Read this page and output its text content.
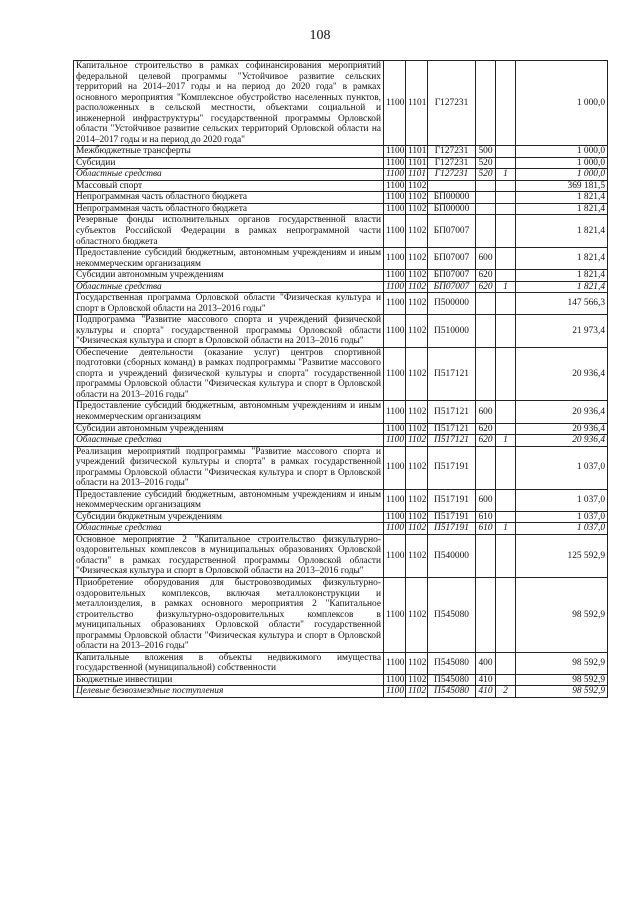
108
Капитальное строительство в рамках софинансирования мероприятий федеральной целевой программы "Устойчивое развитие сельских территорий на 2014–2017 годы и на период до 2020 года" в рамках основного мероприятия "Комплексное обустройство населенных пунктов, расположенных в сельской местности, объектами социальной и инженерной инфраструктуры" государственной программы Орловской области "Устойчивое развитие сельских территорий Орловской области на 2014–2017 годы и на период до 2020 года"	1100	1101	Г127231			1 000,0
Межбюджетные трансферты	1100	1101	Г127231	500		1 000,0
Субсидии	1100	1101	Г127231	520		1 000,0
Областные средства	1100	1101	Г127231	520	1	1 000,0
Массовый спорт	1100	1102				369 181,5
Непрограммная часть областного бюджета	1100	1102	БП00000			1 821,4
Непрограммная часть областного бюджета	1100	1102	БП00000			1 821,4
Резервные фонды исполнительных органов государственной власти субъектов Российской Федерации в рамках непрограммной части областного бюджета	1100	1102	БП07007			1 821,4
Предоставление субсидий бюджетным, автономным учреждениям и иным некоммерческим организациям	1100	1102	БП07007	600		1 821,4
Субсидии автономным учреждениям	1100	1102	БП07007	620		1 821,4
Областные средства	1100	1102	БП07007	620	1	1 821,4
Государственная программа Орловской области "Физическая культура и спорт в Орловской области на 2013–2016 годы"	1100	1102	П500000			147 566,3
Подпрограмма "Развитие массового спорта и учреждений физической культуры и спорта" государственной программы Орловской области "Физическая культура и спорт в Орловской области на 2013–2016 годы"	1100	1102	П510000			21 973,4
Обеспечение деятельности (оказание услуг) центров спортивной подготовки (сборных команд) в рамках подпрограммы "Развитие массового спорта и учреждений физической культуры и спорта" государственной программы Орловской области "Физическая культура и спорт в Орловской области на 2013–2016 годы"	1100	1102	П517121			20 936,4
Предоставление субсидий бюджетным, автономным учреждениям и иным некоммерческим организациям	1100	1102	П517121	600		20 936,4
Субсидии автономным учреждениям	1100	1102	П517121	620		20 936,4
Областные средства	1100	1102	П517121	620	1	20 936,4
Реализация мероприятий подпрограммы "Развитие массового спорта и учреждений физической культуры и спорта" в рамках государственной программы Орловской области "Физическая культура и спорт в Орловской области на 2013–2016 годы"	1100	1102	П517191			1 037,0
Предоставление субсидий бюджетным, автономным учреждениям и иным некоммерческим организациям	1100	1102	П517191	600		1 037,0
Субсидии бюджетным учреждениям	1100	1102	П517191	610		1 037,0
Областные средства	1100	1102	П517191	610	1	1 037,0
Основное мероприятие 2 "Капитальное строительство физкультурно-оздоровительных комплексов в муниципальных образованиях Орловской области" в рамках государственной программы Орловской области "Физическая культура и спорт в Орловской области на 2013–2016 годы"	1100	1102	П540000			125 592,9
Приобретение оборудования для быстровозводимых физкультурно-оздоровительных комплексов, включая металлоконструкции и металлоизделия, в рамках основного мероприятия 2 "Капитальное строительство физкультурно-оздоровительных комплексов в муниципальных образованиях Орловской области" государственной программы Орловской области "Физическая культура и спорт в Орловской области на 2013–2016 годы"	1100	1102	П545080			98 592,9
Капитальные вложения в объекты недвижимого имущества государственной (муниципальной) собственности	1100	1102	П545080	400		98 592,9
Бюджетные инвестиции	1100	1102	П545080	410		98 592,9
Целевые безвозмездные поступления	1100	1102	П545080	410	2	98 592,9
